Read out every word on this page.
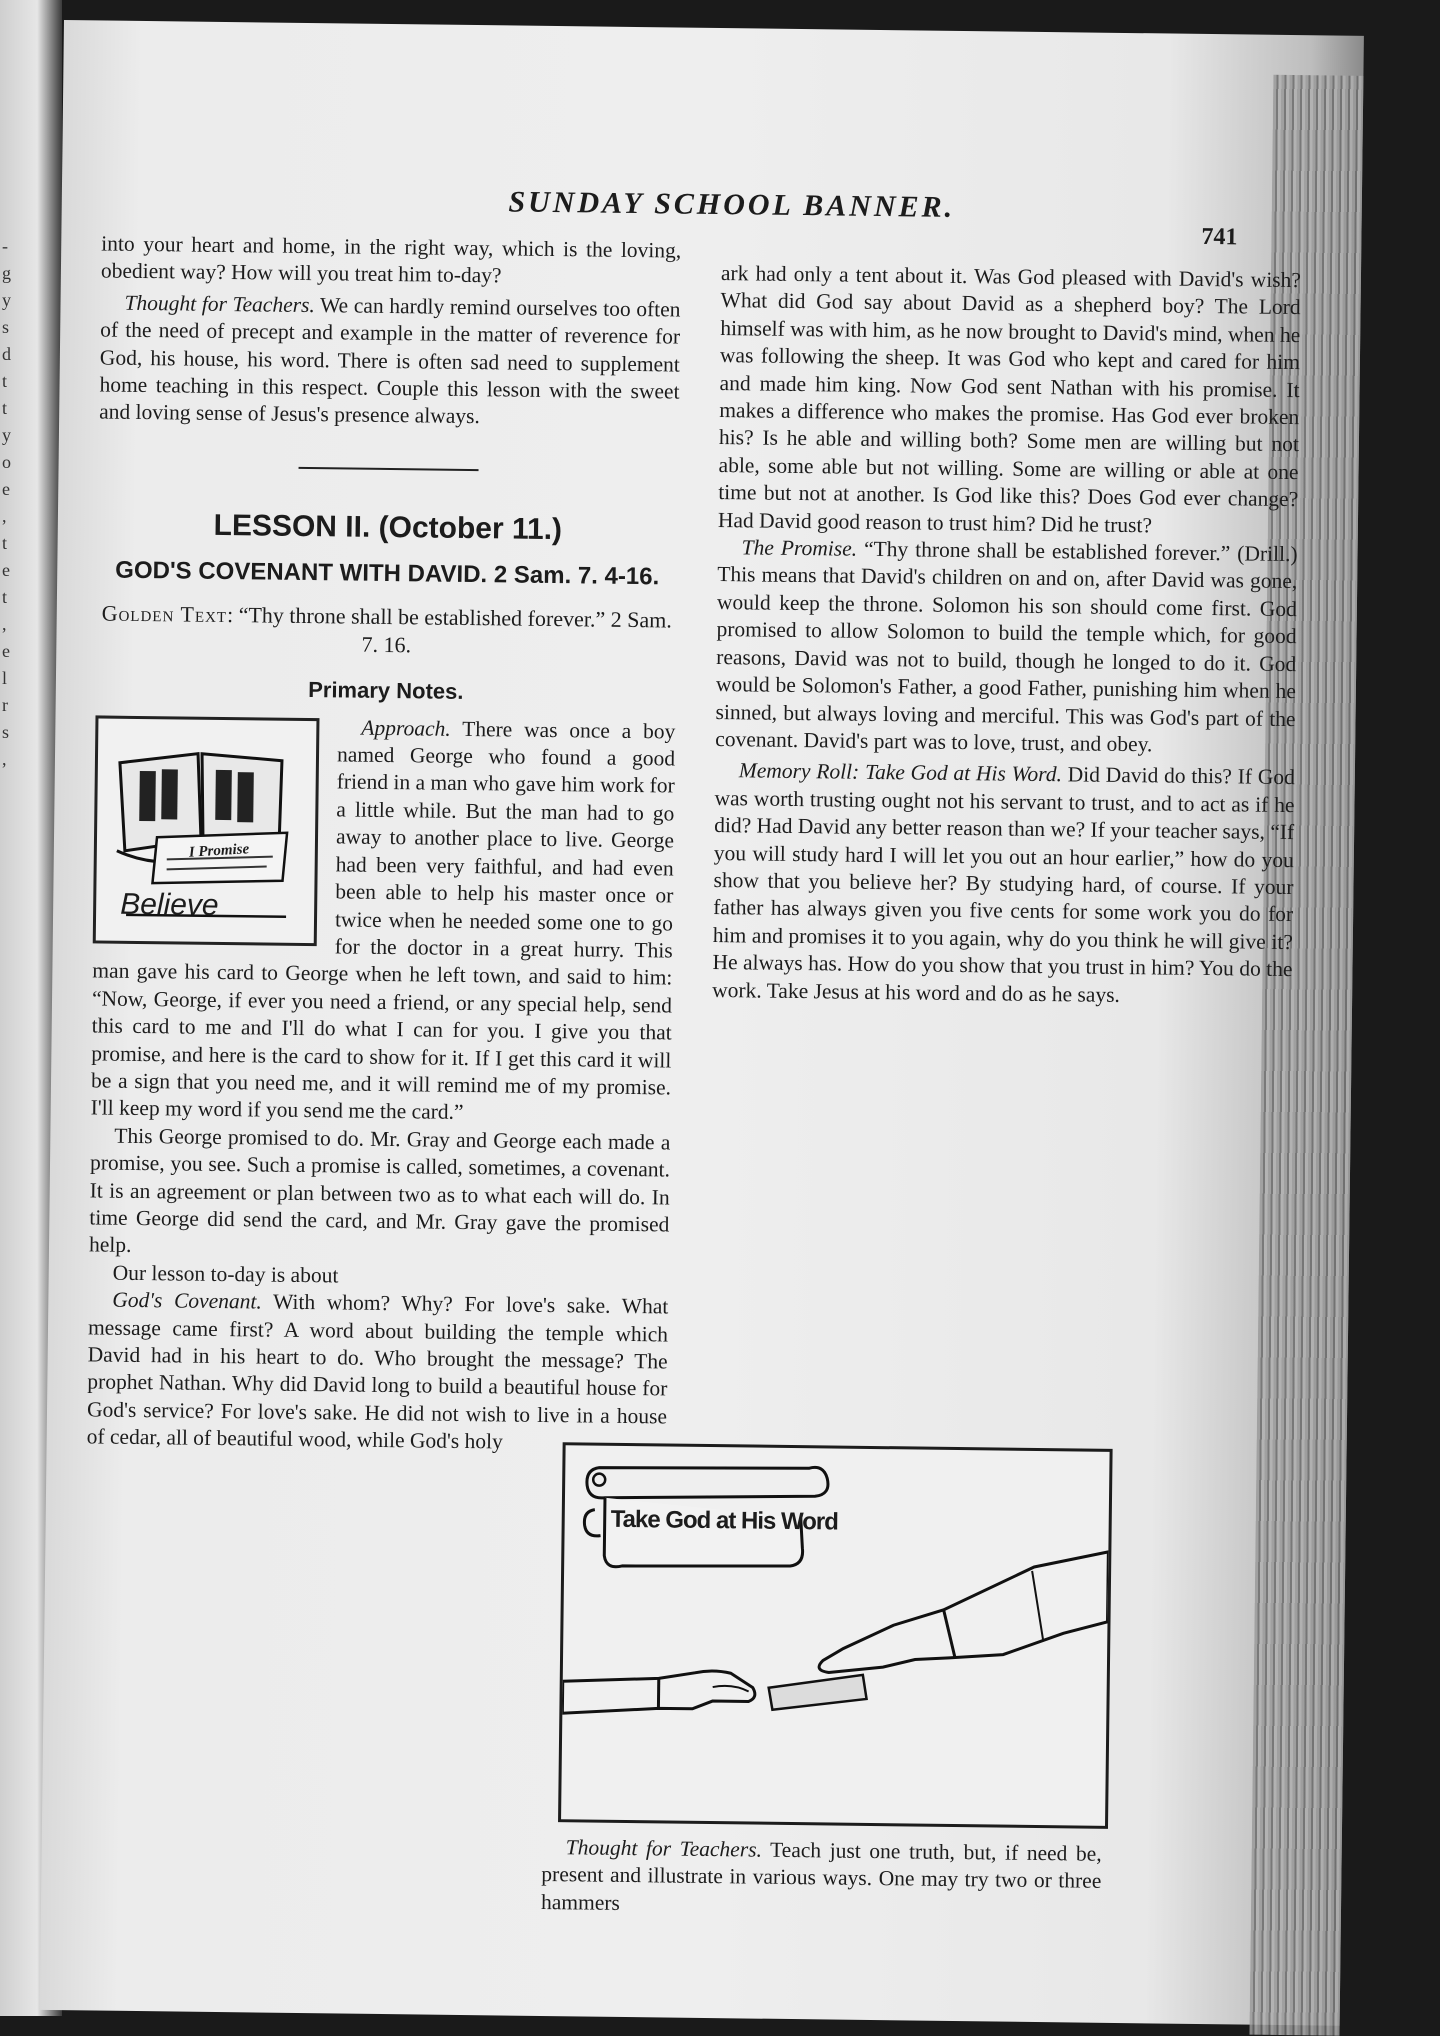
-
g
y
s
d
t
t
y
o
e
,
t
e
t
,
e
l
r
s
,
SUNDAY SCHOOL BANNER.
741

into your heart and home, in the right way, which is the loving, obedient way? How will you treat him to-day?

Thought for Teachers. We can hardly remind ourselves too often of the need of precept and example in the matter of reverence for God, his house, his word. There is often sad need to supplement home teaching in this respect. Couple this lesson with the sweet and loving sense of Jesus's presence always.

LESSON II. (October 11.)
GOD'S COVENANT WITH DAVID. 2 Sam. 7. 4-16.
Golden Text: “Thy throne shall be established forever.” 2 Sam. 7. 16.
Primary Notes.
I Promise
Believe

Approach. There was once a boy named George who found a good friend in a man who gave him work for a little while. But the man had to go away to another place to live. George had been very faithful, and had even been able to help his master once or twice when he needed some one to go for the doctor in a great hurry. This man gave his card to George when he left town, and said to him: “Now, George, if ever you need a friend, or any special help, send this card to me and I'll do what I can for you. I give you that promise, and here is the card to show for it. If I get this card it will be a sign that you need me, and it will remind me of my promise. I'll keep my word if you send me the card.”

This George promised to do. Mr. Gray and George each made a promise, you see. Such a promise is called, sometimes, a covenant. It is an agreement or plan between two as to what each will do. In time George did send the card, and Mr. Gray gave the promised help.

Our lesson to-day is about

God's Covenant. With whom? Why? For love's sake. What message came first? A word about building the temple which David had in his heart to do. Who brought the message? The prophet Nathan. Why did David long to build a beautiful house for God's service? For love's sake. He did not wish to live in a house of cedar, all of beautiful wood, while God's holy

ark had only a tent about it. Was God pleased with David's wish? What did God say about David as a shepherd boy? The Lord himself was with him, as he now brought to David's mind, when he was following the sheep. It was God who kept and cared for him and made him king. Now God sent Nathan with his promise. It makes a difference who makes the promise. Has God ever broken his? Is he able and willing both? Some men are willing but not able, some able but not willing. Some are willing or able at one time but not at another. Is God like this? Does God ever change? Had David good reason to trust him? Did he trust?

The Promise. “Thy throne shall be established forever.” (Drill.) This means that David's children on and on, after David was gone, would keep the throne. Solomon his son should come first. God promised to allow Solomon to build the temple which, for good reasons, David was not to build, though he longed to do it. God would be Solomon's Father, a good Father, punishing him when he sinned, but always loving and merciful. This was God's part of the covenant. David's part was to love, trust, and obey.

Memory Roll: Take God at His Word. Did David do this? If God was worth trusting ought not his servant to trust, and to act as if he did? Had David any better reason than we? If your teacher says, “If you will study hard I will let you out an hour earlier,” how do you show that you believe her? By studying hard, of course. If your father has always given you five cents for some work you do for him and promises it to you again, why do you think he will give it? He always has. How do you show that you trust in him? You do the work. Take Jesus at his word and do as he says.

Take God at His Word

Thought for Teachers. Teach just one truth, but, if need be, present and illustrate in various ways. One may try two or three hammers
